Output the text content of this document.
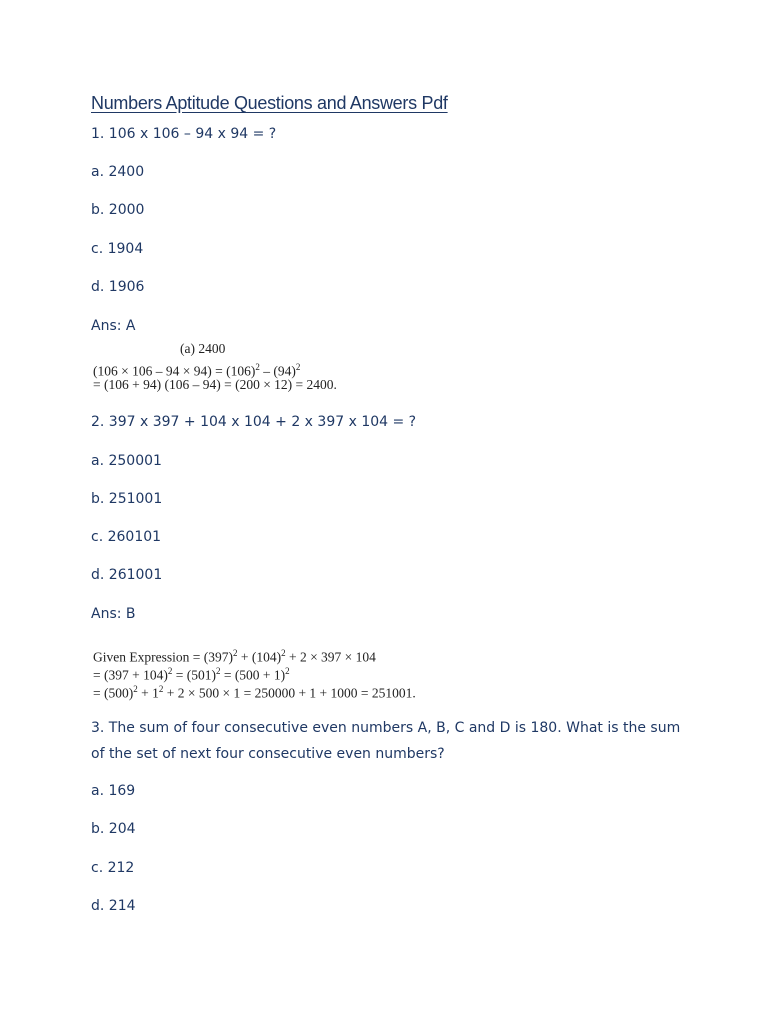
Numbers Aptitude Questions and Answers Pdf
1. 106 x 106 – 94 x 94 = ?
a. 2400
b. 2000
c. 1904
d. 1906
Ans: A
(a) 2400
$(106 \times 106 - 94 \times 94) = (106)^2 - (94)^2$
= (106 + 94) (106 – 94) = (200 × 12) = 2400.
2. 397 x 397 + 104 x 104 + 2 x 397 x 104 = ?
a. 250001
b. 251001
c. 260101
d. 261001
Ans: B
Given Expression = $(397)^2 + (104)^2 + 2 \times 397 \times 104$
= $(397 + 104)^2 = (501)^2 = (500 + 1)^2$
= $(500)^2 + 1^2 + 2 \times 500 \times 1 = 250000 + 1 + 1000 = 251001$.
3. The sum of four consecutive even numbers A, B, C and D is 180. What is the sum of the set of next four consecutive even numbers?
a. 169
b. 204
c. 212
d. 214
